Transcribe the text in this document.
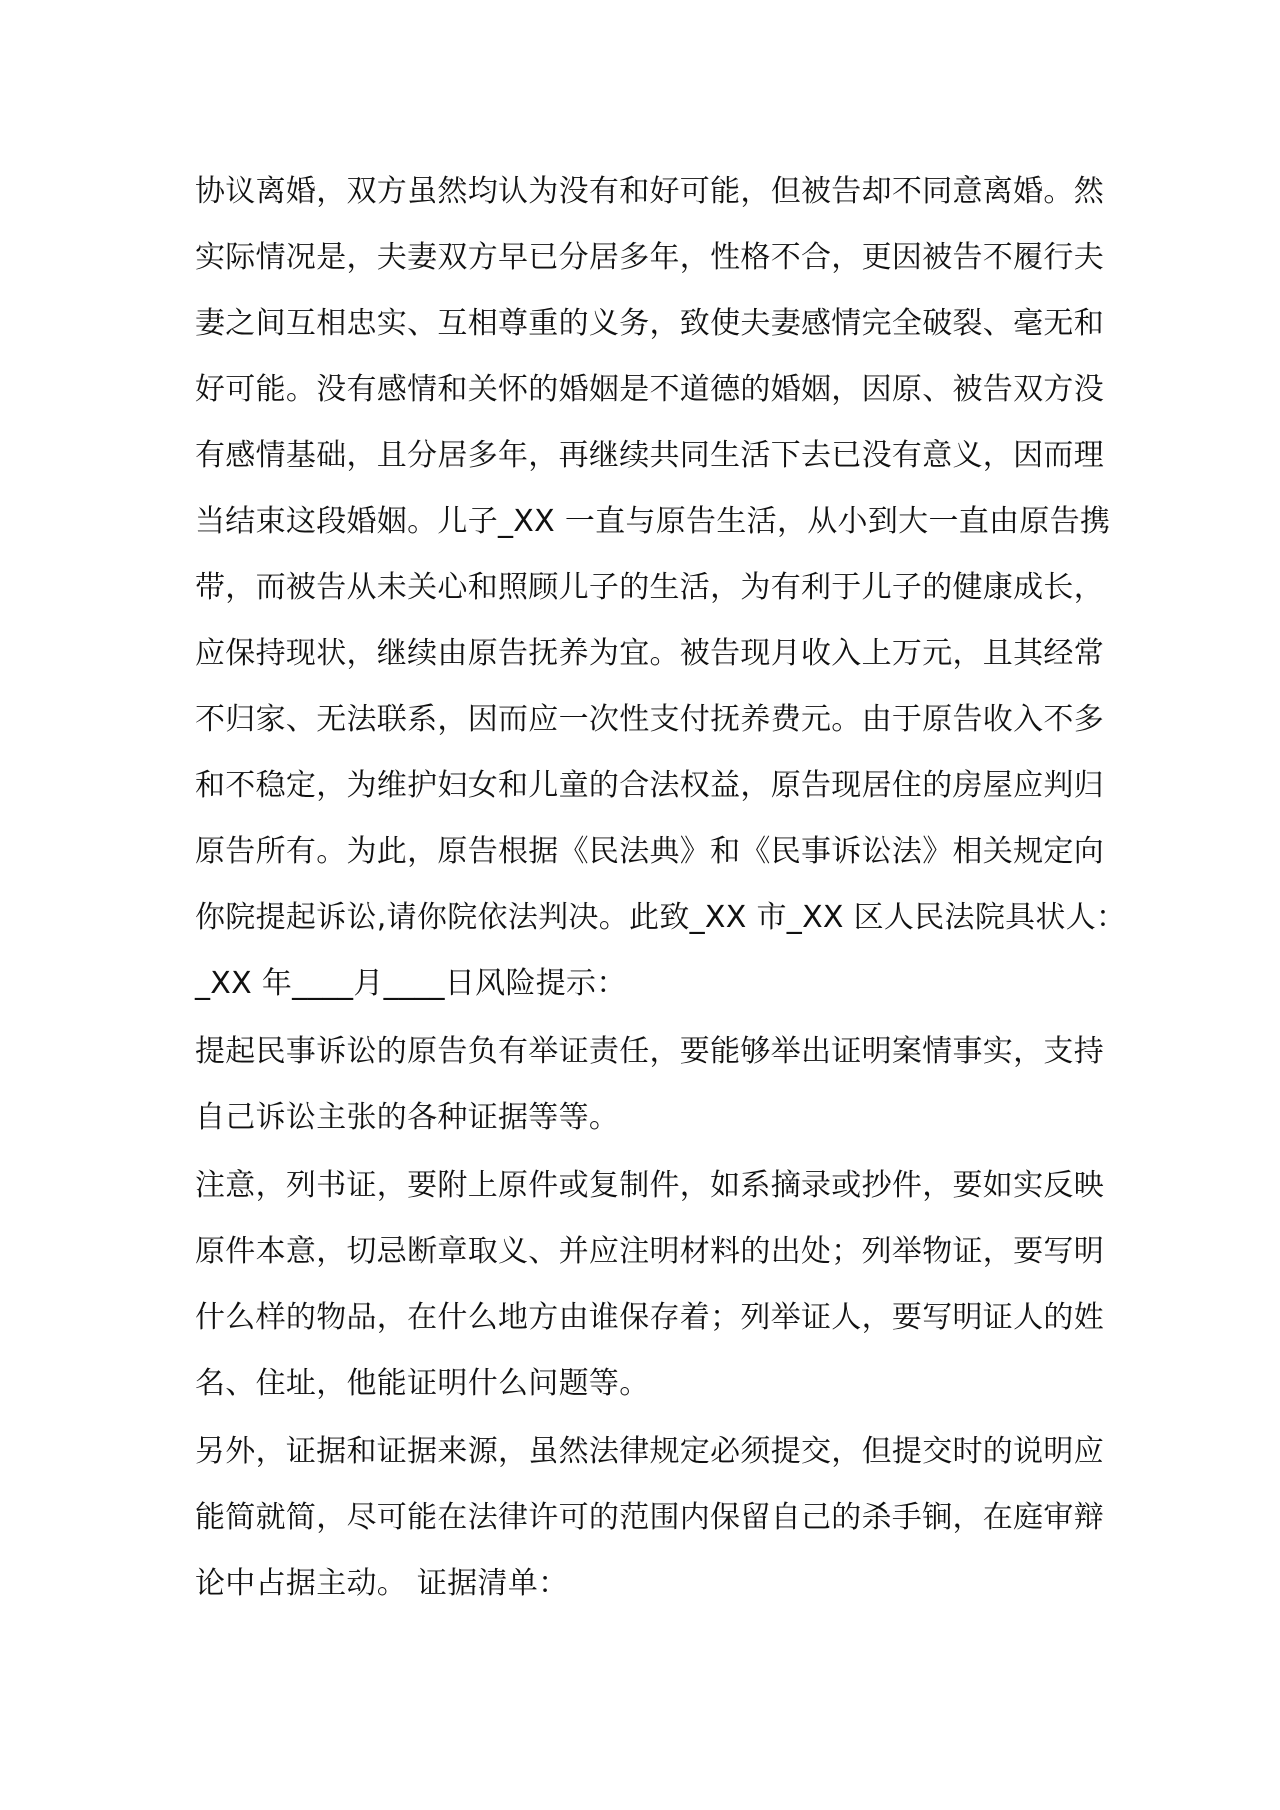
协议离婚，双方虽然均认为没有和好可能，但被告却不同意离婚。然
实际情况是，夫妻双方早已分居多年，性格不合，更因被告不履行夫
妻之间互相忠实、互相尊重的义务，致使夫妻感情完全破裂、毫无和
好可能。没有感情和关怀的婚姻是不道德的婚姻，因原、被告双方没
有感情基础，且分居多年，再继续共同生活下去已没有意义，因而理
当结束这段婚姻。儿子_XX 一直与原告生活，从小到大一直由原告携
带，而被告从未关心和照顾儿子的生活，为有利于儿子的健康成长，
应保持现状，继续由原告抚养为宜。被告现月收入上万元，且其经常
不归家、无法联系，因而应一次性支付抚养费元。由于原告收入不多
和不稳定，为维护妇女和儿童的合法权益，原告现居住的房屋应判归
原告所有。为此，原告根据《民法典》和《民事诉讼法》相关规定向
你院提起诉讼,请你院依法判决。此致_XX 市_XX 区人民法院具状人：
_XX 年____月____日风险提示：
提起民事诉讼的原告负有举证责任，要能够举出证明案情事实，支持
自己诉讼主张的各种证据等等。
注意，列书证，要附上原件或复制件，如系摘录或抄件，要如实反映
原件本意，切忌断章取义、并应注明材料的出处；列举物证，要写明
什么样的物品，在什么地方由谁保存着；列举证人，要写明证人的姓
名、住址，他能证明什么问题等。
另外，证据和证据来源，虽然法律规定必须提交，但提交时的说明应
能简就简，尽可能在法律许可的范围内保留自己的杀手锏，在庭审辩
论中占据主动。 证据清单：
